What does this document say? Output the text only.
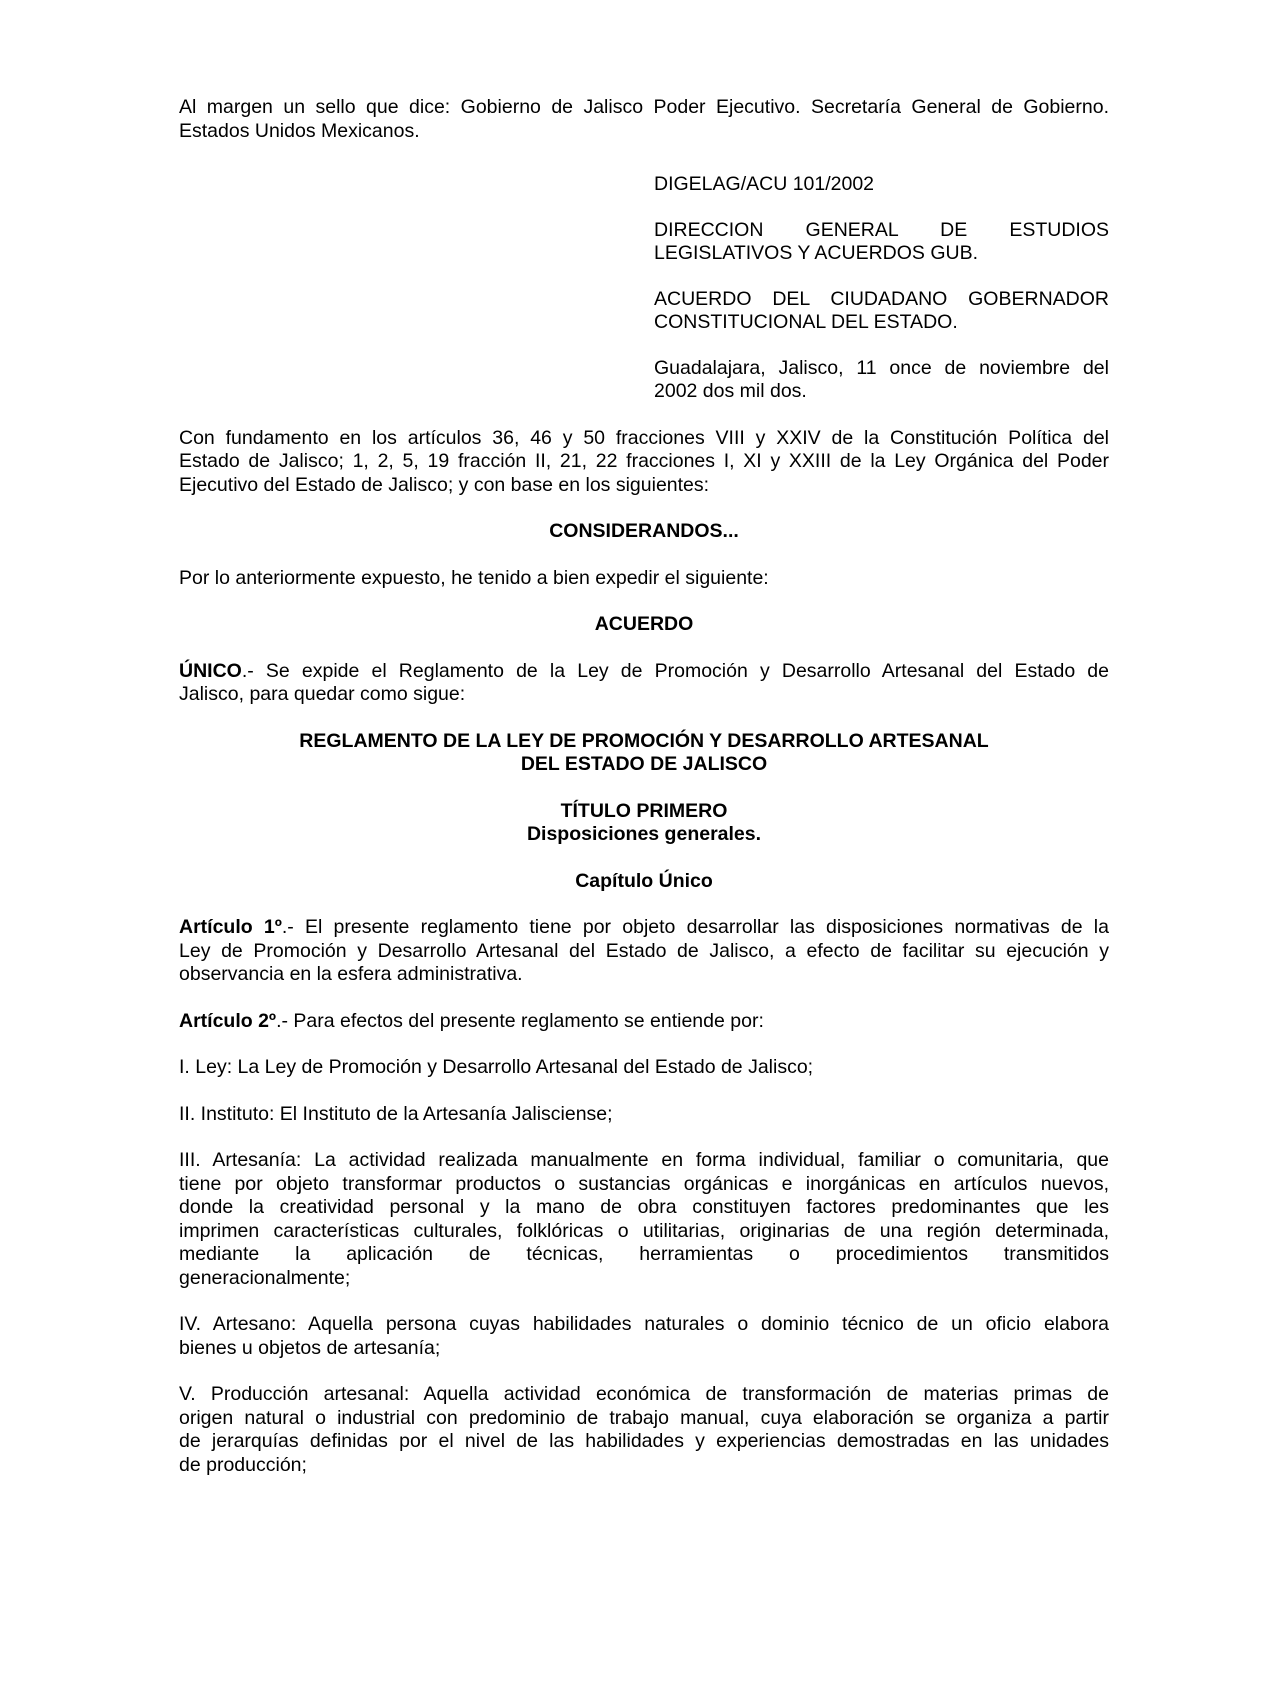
Al margen un sello que dice: Gobierno de Jalisco Poder Ejecutivo. Secretaría General de Gobierno.

Estados Unidos Mexicanos.

DIGELAG/ACU 101/2002

DIRECCION GENERAL DE ESTUDIOS

LEGISLATIVOS Y ACUERDOS GUB.

ACUERDO DEL CIUDADANO GOBERNADOR

CONSTITUCIONAL DEL ESTADO.

Guadalajara, Jalisco, 11 once de noviembre del

2002 dos mil dos.

Con fundamento en los artículos 36, 46 y 50 fracciones VIII y XXIV de la Constitución Política del

Estado de Jalisco; 1, 2, 5, 19 fracción II, 21, 22 fracciones I, XI y XXIII de la Ley Orgánica del Poder

Ejecutivo del Estado de Jalisco; y con base en los siguientes:

CONSIDERANDOS...

Por lo anteriormente expuesto, he tenido a bien expedir el siguiente:

ACUERDO

ÚNICO.- Se expide el Reglamento de la Ley de Promoción y Desarrollo Artesanal del Estado de

Jalisco, para quedar como sigue:

REGLAMENTO DE LA LEY DE PROMOCIÓN Y DESARROLLO ARTESANAL

DEL ESTADO DE JALISCO

TÍTULO PRIMERO

Disposiciones generales.

Capítulo Único

Artículo 1º.- El presente reglamento tiene por objeto desarrollar las disposiciones normativas de la

Ley de Promoción y Desarrollo Artesanal del Estado de Jalisco, a efecto de facilitar su ejecución y

observancia en la esfera administrativa.

Artículo 2º.- Para efectos del presente reglamento se entiende por:

I. Ley: La Ley de Promoción y Desarrollo Artesanal del Estado de Jalisco;

II. Instituto: El Instituto de la Artesanía Jalisciense;

III. Artesanía: La actividad realizada manualmente en forma individual, familiar o comunitaria, que

tiene por objeto transformar productos o sustancias orgánicas e inorgánicas en artículos nuevos,

donde la creatividad personal y la mano de obra constituyen factores predominantes que les

imprimen características culturales, folklóricas o utilitarias, originarias de una región determinada,

mediante la aplicación de técnicas, herramientas o procedimientos transmitidos

generacionalmente;

IV. Artesano: Aquella persona cuyas habilidades naturales o dominio técnico de un oficio elabora

bienes u objetos de artesanía;

V. Producción artesanal: Aquella actividad económica de transformación de materias primas de

origen natural o industrial con predominio de trabajo manual, cuya elaboración se organiza a partir

de jerarquías definidas por el nivel de las habilidades y experiencias demostradas en las unidades

de producción;
